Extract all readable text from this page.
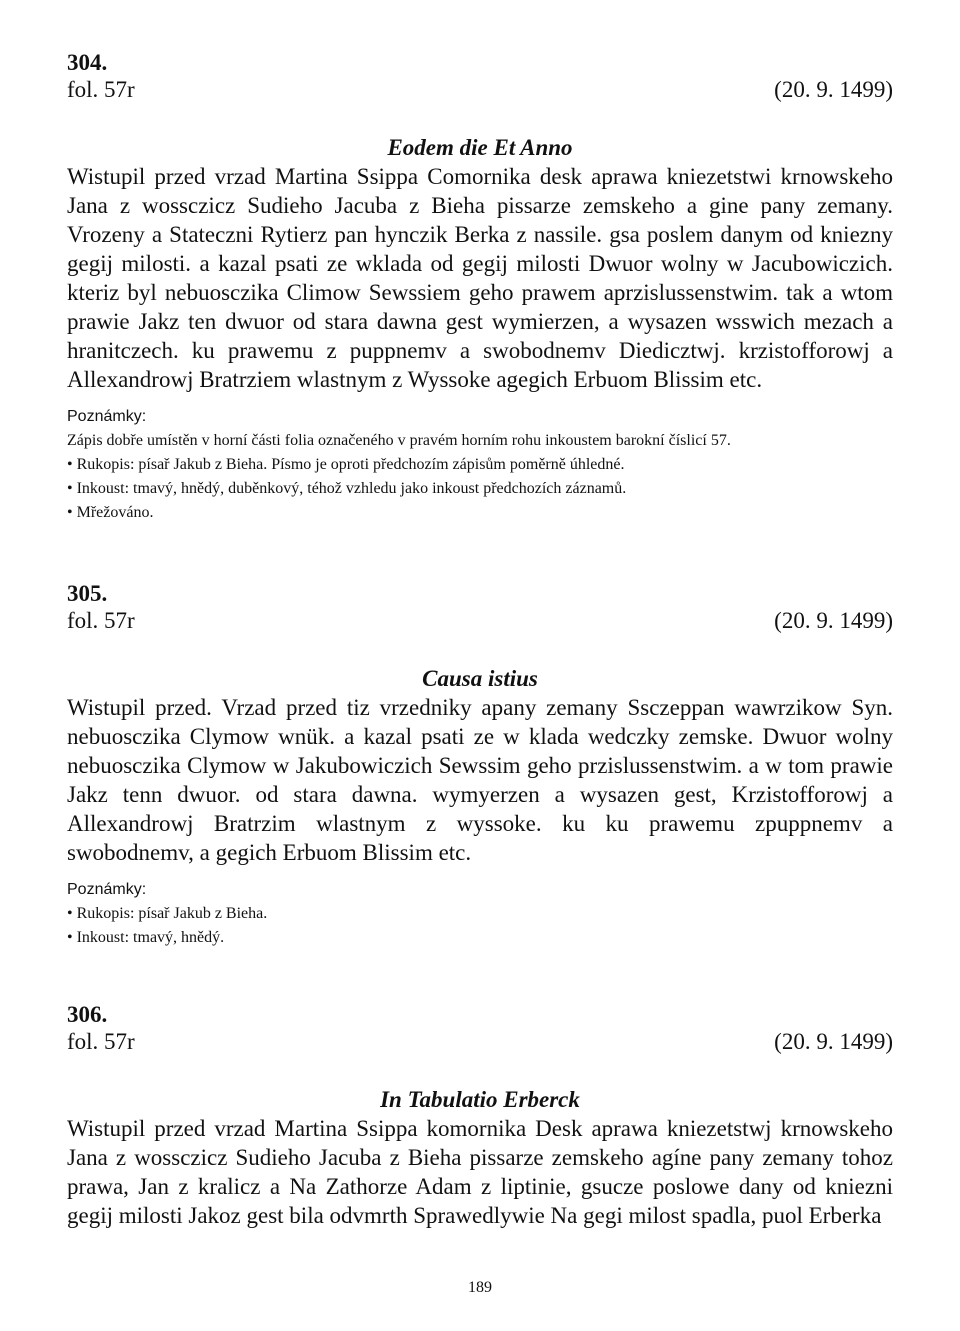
304.

fol. 57r	(20. 9. 1499)

Eodem die Et Anno

Wistupil przed vrzad Martina Ssippa Comornika desk aprawa kniezetstwi krnowskeho Jana z wossczicz Sudieho Jacuba z Bieha pissarze zemskeho a gine pany zemany. Vrozeny a Stateczni Rytierz pan hynczik Berka z nassile. gsa poslem danym od kniezny gegij milosti. a kazal psati ze wklada od gegij milosti Dwuor wolny w Jacubowiczich. kteriz byl nebuosczika Climow Sewssiem geho prawem aprzislussenstwim. tak a wtom prawie Jakz ten dwuor od stara dawna gest wymierzen, a wysazen wsswich mezach a hranitczech. ku prawemu z puppnemv a swobodnemv Diedicztwj. krzistofforowj a Allexandrowj Bratrziem wlastnym z Wyssoke agegich Erbuom Blissim etc.

Poznámky:

Zápis dobře umístěn v horní části folia označeného v pravém horním rohu inkoustem barokní číslicí 57.

• Rukopis: písař Jakub z Bieha. Písmo je oproti předchozím zápisům poměrně úhledné.

• Inkoust: tmavý, hnědý, duběnkový, téhož vzhledu jako inkoust předchozích záznamů.

• Mřežováno.

305.

fol. 57r	(20. 9. 1499)

Causa istius

Wistupil przed. Vrzad przed tiz vrzedniky apany zemany Ssczeppan wawrzikow Syn. nebuosczika Clymow wnük. a kazal psati ze w klada wedczky zemske. Dwuor wolny nebuosczika Clymow w Jakubowiczich Sewssim geho przislussenstwim. a w tom prawie Jakz tenn dwuor. od stara dawna. wymyerzen a wysazen gest, Krzistofforowj a Allexandrowj Bratrzim wlastnym z wyssoke. ku ku prawemu zpuppnemv a swobodnemv, a gegich Erbuom Blissim etc.

Poznámky:

• Rukopis: písař Jakub z Bieha.

• Inkoust: tmavý, hnědý.

306.

fol. 57r	(20. 9. 1499)

In Tabulatio Erberck

Wistupil przed vrzad Martina Ssippa komornika Desk aprawa kniezetstwj krnowskeho Jana z wossczicz Sudieho Jacuba z Bieha pissarze zemskeho agíne pany zemany tohoz prawa, Jan z kralicz a Na Zathorze Adam z liptinie, gsucze poslowe dany od kniezni gegij milosti Jakoz gest bila odvmrth Sprawedlywie Na gegi milost spadla, puol Erberka

189
